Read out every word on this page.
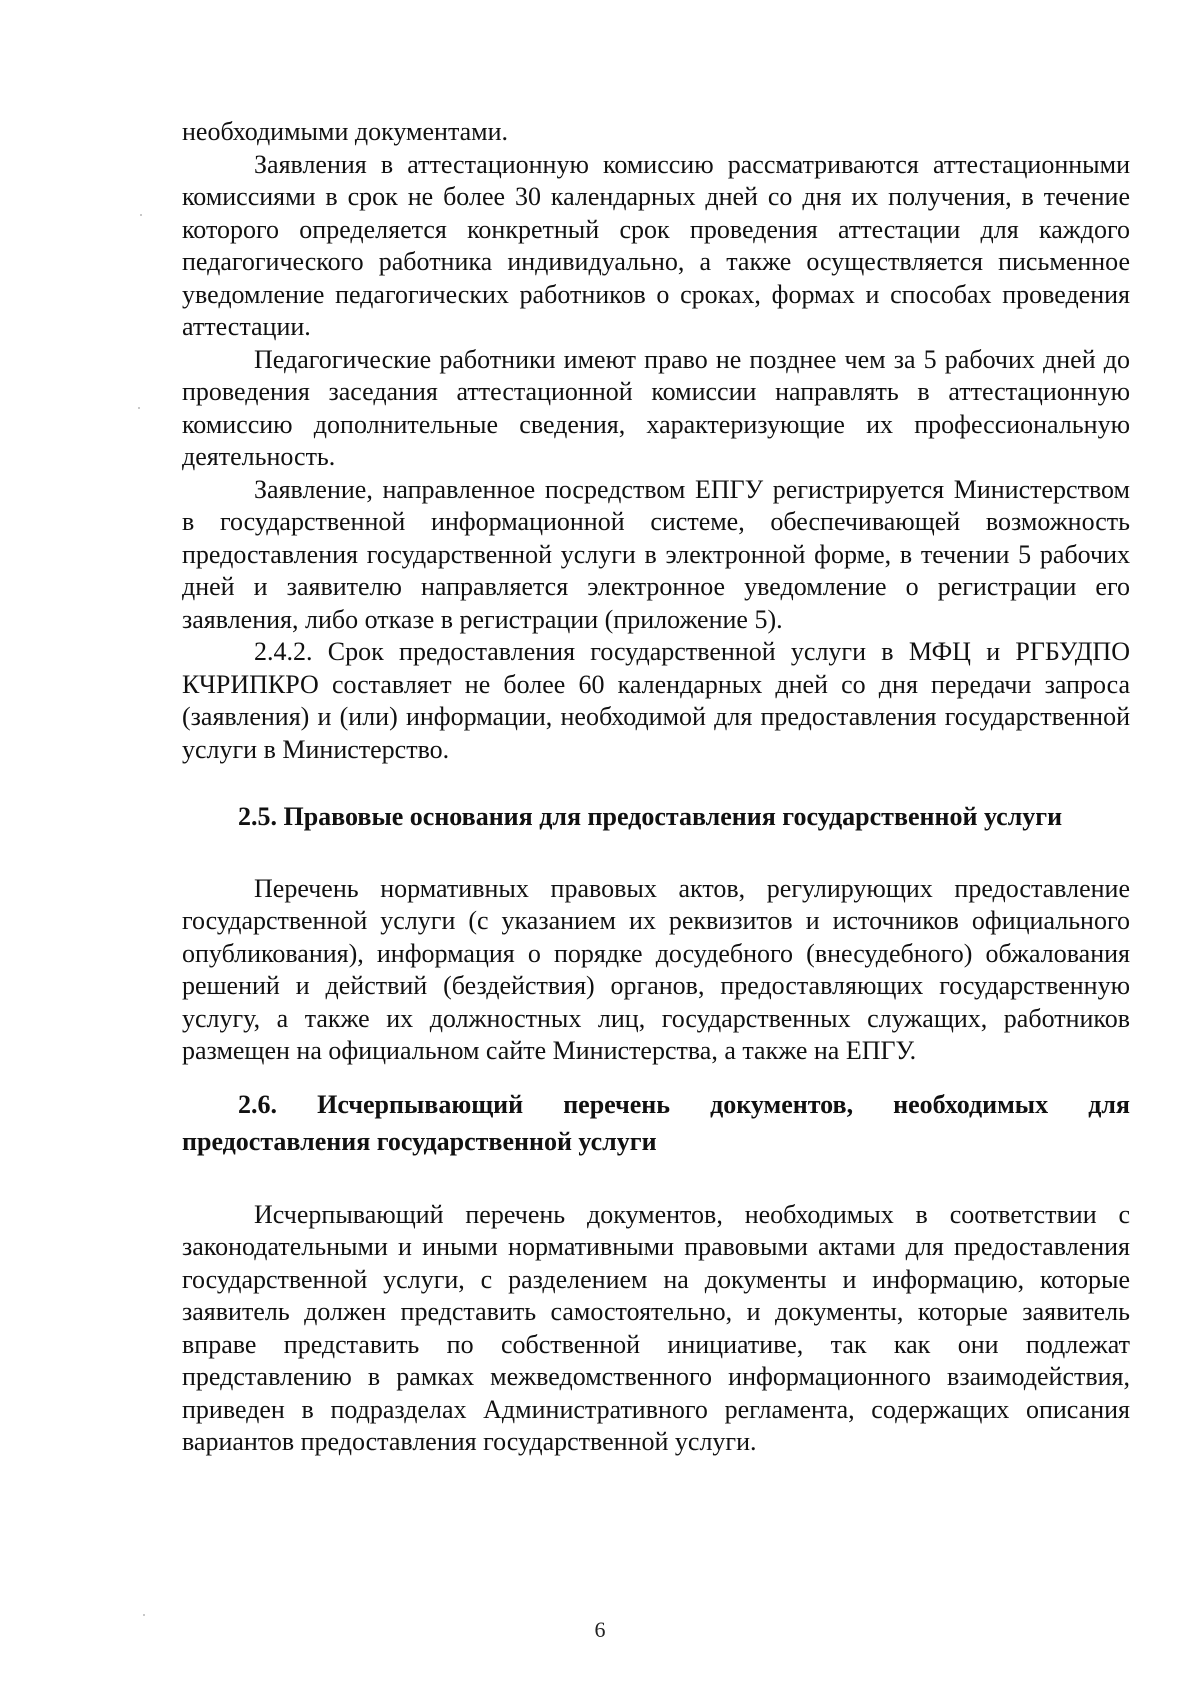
необходимыми документами.

Заявления в аттестационную комиссию рассматриваются аттестационными комиссиями в срок не более 30 календарных дней со дня их получения, в течение которого определяется конкретный срок проведения аттестации для каждого педагогического работника индивидуально, а также осуществляется письменное уведомление педагогических работников о сроках, формах и способах проведения аттестации.

Педагогические работники имеют право не позднее чем за 5 рабочих дней до проведения заседания аттестационной комиссии направлять в аттестационную комиссию дополнительные сведения, характеризующие их профессиональную деятельность.

Заявление, направленное посредством ЕПГУ регистрируется Министерством в государственной информационной системе, обеспечивающей возможность предоставления государственной услуги в электронной форме, в течении 5 рабочих дней и заявителю направляется электронное уведомление о регистрации его заявления, либо отказе в регистрации (приложение 5).

2.4.2. Срок предоставления государственной услуги в МФЦ и РГБУДПО КЧРИПКРО составляет не более 60 календарных дней со дня передачи запроса (заявления) и (или) информации, необходимой для предоставления государственной услуги в Министерство.

2.5. Правовые основания для предоставления государственной услуги

Перечень нормативных правовых актов, регулирующих предоставление государственной услуги (с указанием их реквизитов и источников официального опубликования), информация о порядке досудебного (внесудебного) обжалования решений и действий (бездействия) органов, предоставляющих государственную услугу, а также их должностных лиц, государственных служащих, работников размещен на официальном сайте Министерства, а также на ЕПГУ.

2.6. Исчерпывающий перечень документов, необходимых для предоставления государственной услуги

Исчерпывающий перечень документов, необходимых в соответствии с законодательными и иными нормативными правовыми актами для предоставления государственной услуги, с разделением на документы и информацию, которые заявитель должен представить самостоятельно, и документы, которые заявитель вправе представить по собственной инициативе, так как они подлежат представлению в рамках межведомственного информационного взаимодействия, приведен в подразделах Административного регламента, содержащих описания вариантов предоставления государственной услуги.

6
